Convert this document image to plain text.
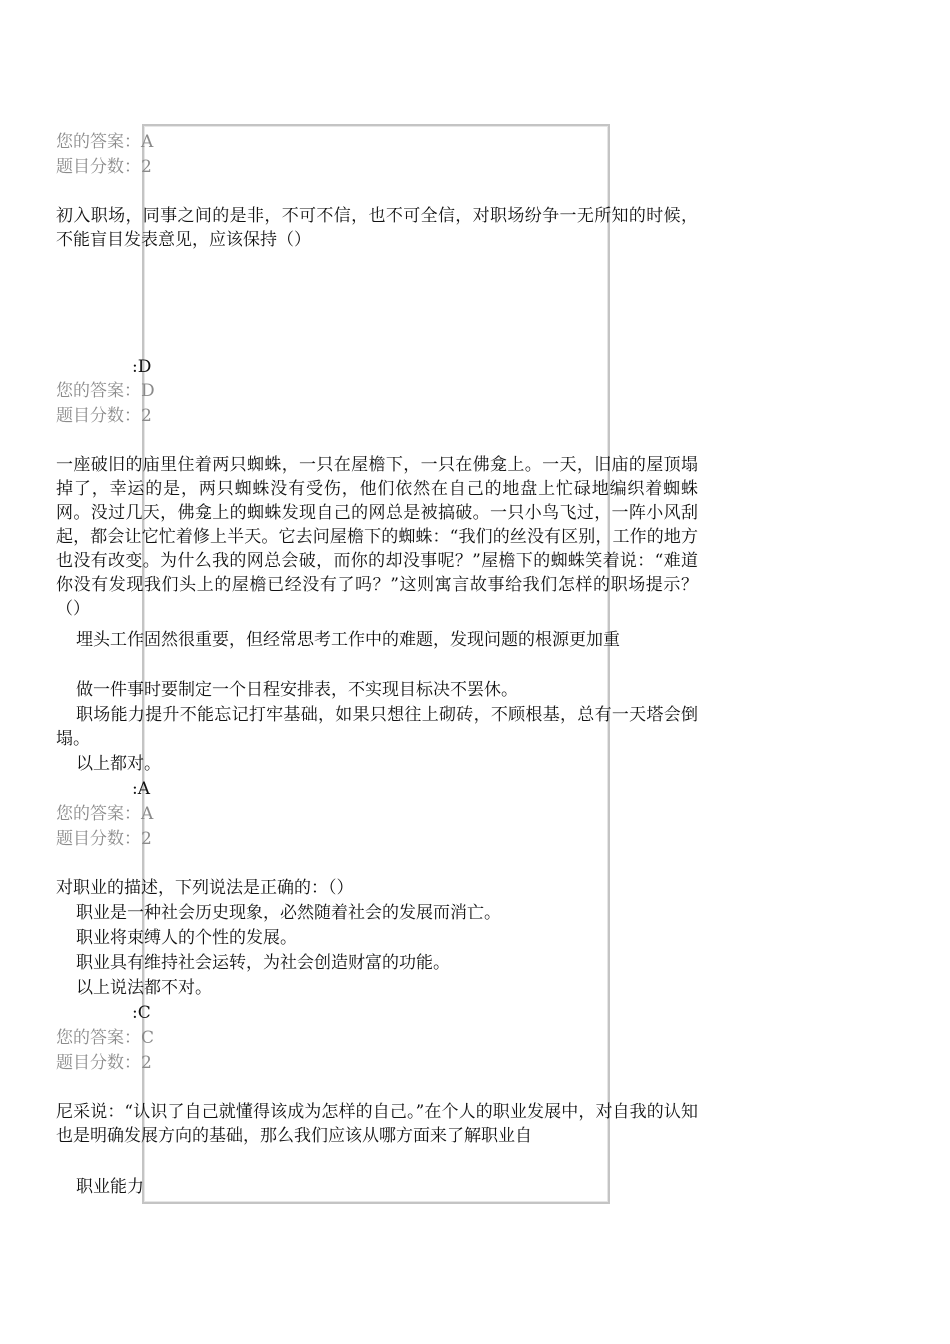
您的答案：A
题目分数：2
初入职场，同事之间的是非，不可不信，也不可全信，对职场纷争一无所知的时候，不能盲目发表意见，应该保持（）
:D
您的答案：D
题目分数：2
一座破旧的庙里住着两只蜘蛛，一只在屋檐下，一只在佛龛上。一天，旧庙的屋顶塌掉了，幸运的是，两只蜘蛛没有受伤，他们依然在自己的地盘上忙碌地编织着蜘蛛网。没过几天，佛龛上的蜘蛛发现自己的网总是被搞破。一只小鸟飞过，一阵小风刮起，都会让它忙着修上半天。它去问屋檐下的蜘蛛：“我们的丝没有区别，工作的地方也没有改变。为什么我的网总会破，而你的却没事呢？”屋檐下的蜘蛛笑着说：“难道你没有发现我们头上的屋檐已经没有了吗？”这则寓言故事给我们怎样的职场提示？（）
埋头工作固然很重要，但经常思考工作中的难题，发现问题的根源更加重
做一件事时要制定一个日程安排表，不实现目标决不罢休。
职场能力提升不能忘记打牢基础，如果只想往上砌砖，不顾根基，总有一天塔会倒塌。
以上都对。
:A
您的答案：A
题目分数：2
对职业的描述，下列说法是正确的：（）
职业是一种社会历史现象，必然随着社会的发展而消亡。
职业将束缚人的个性的发展。
职业具有维持社会运转，为社会创造财富的功能。
以上说法都不对。
:C
您的答案：C
题目分数：2
尼采说：“认识了自己就懂得该成为怎样的自己。”在个人的职业发展中，对自我的认知也是明确发展方向的基础，那么我们应该从哪方面来了解职业自
职业能力
